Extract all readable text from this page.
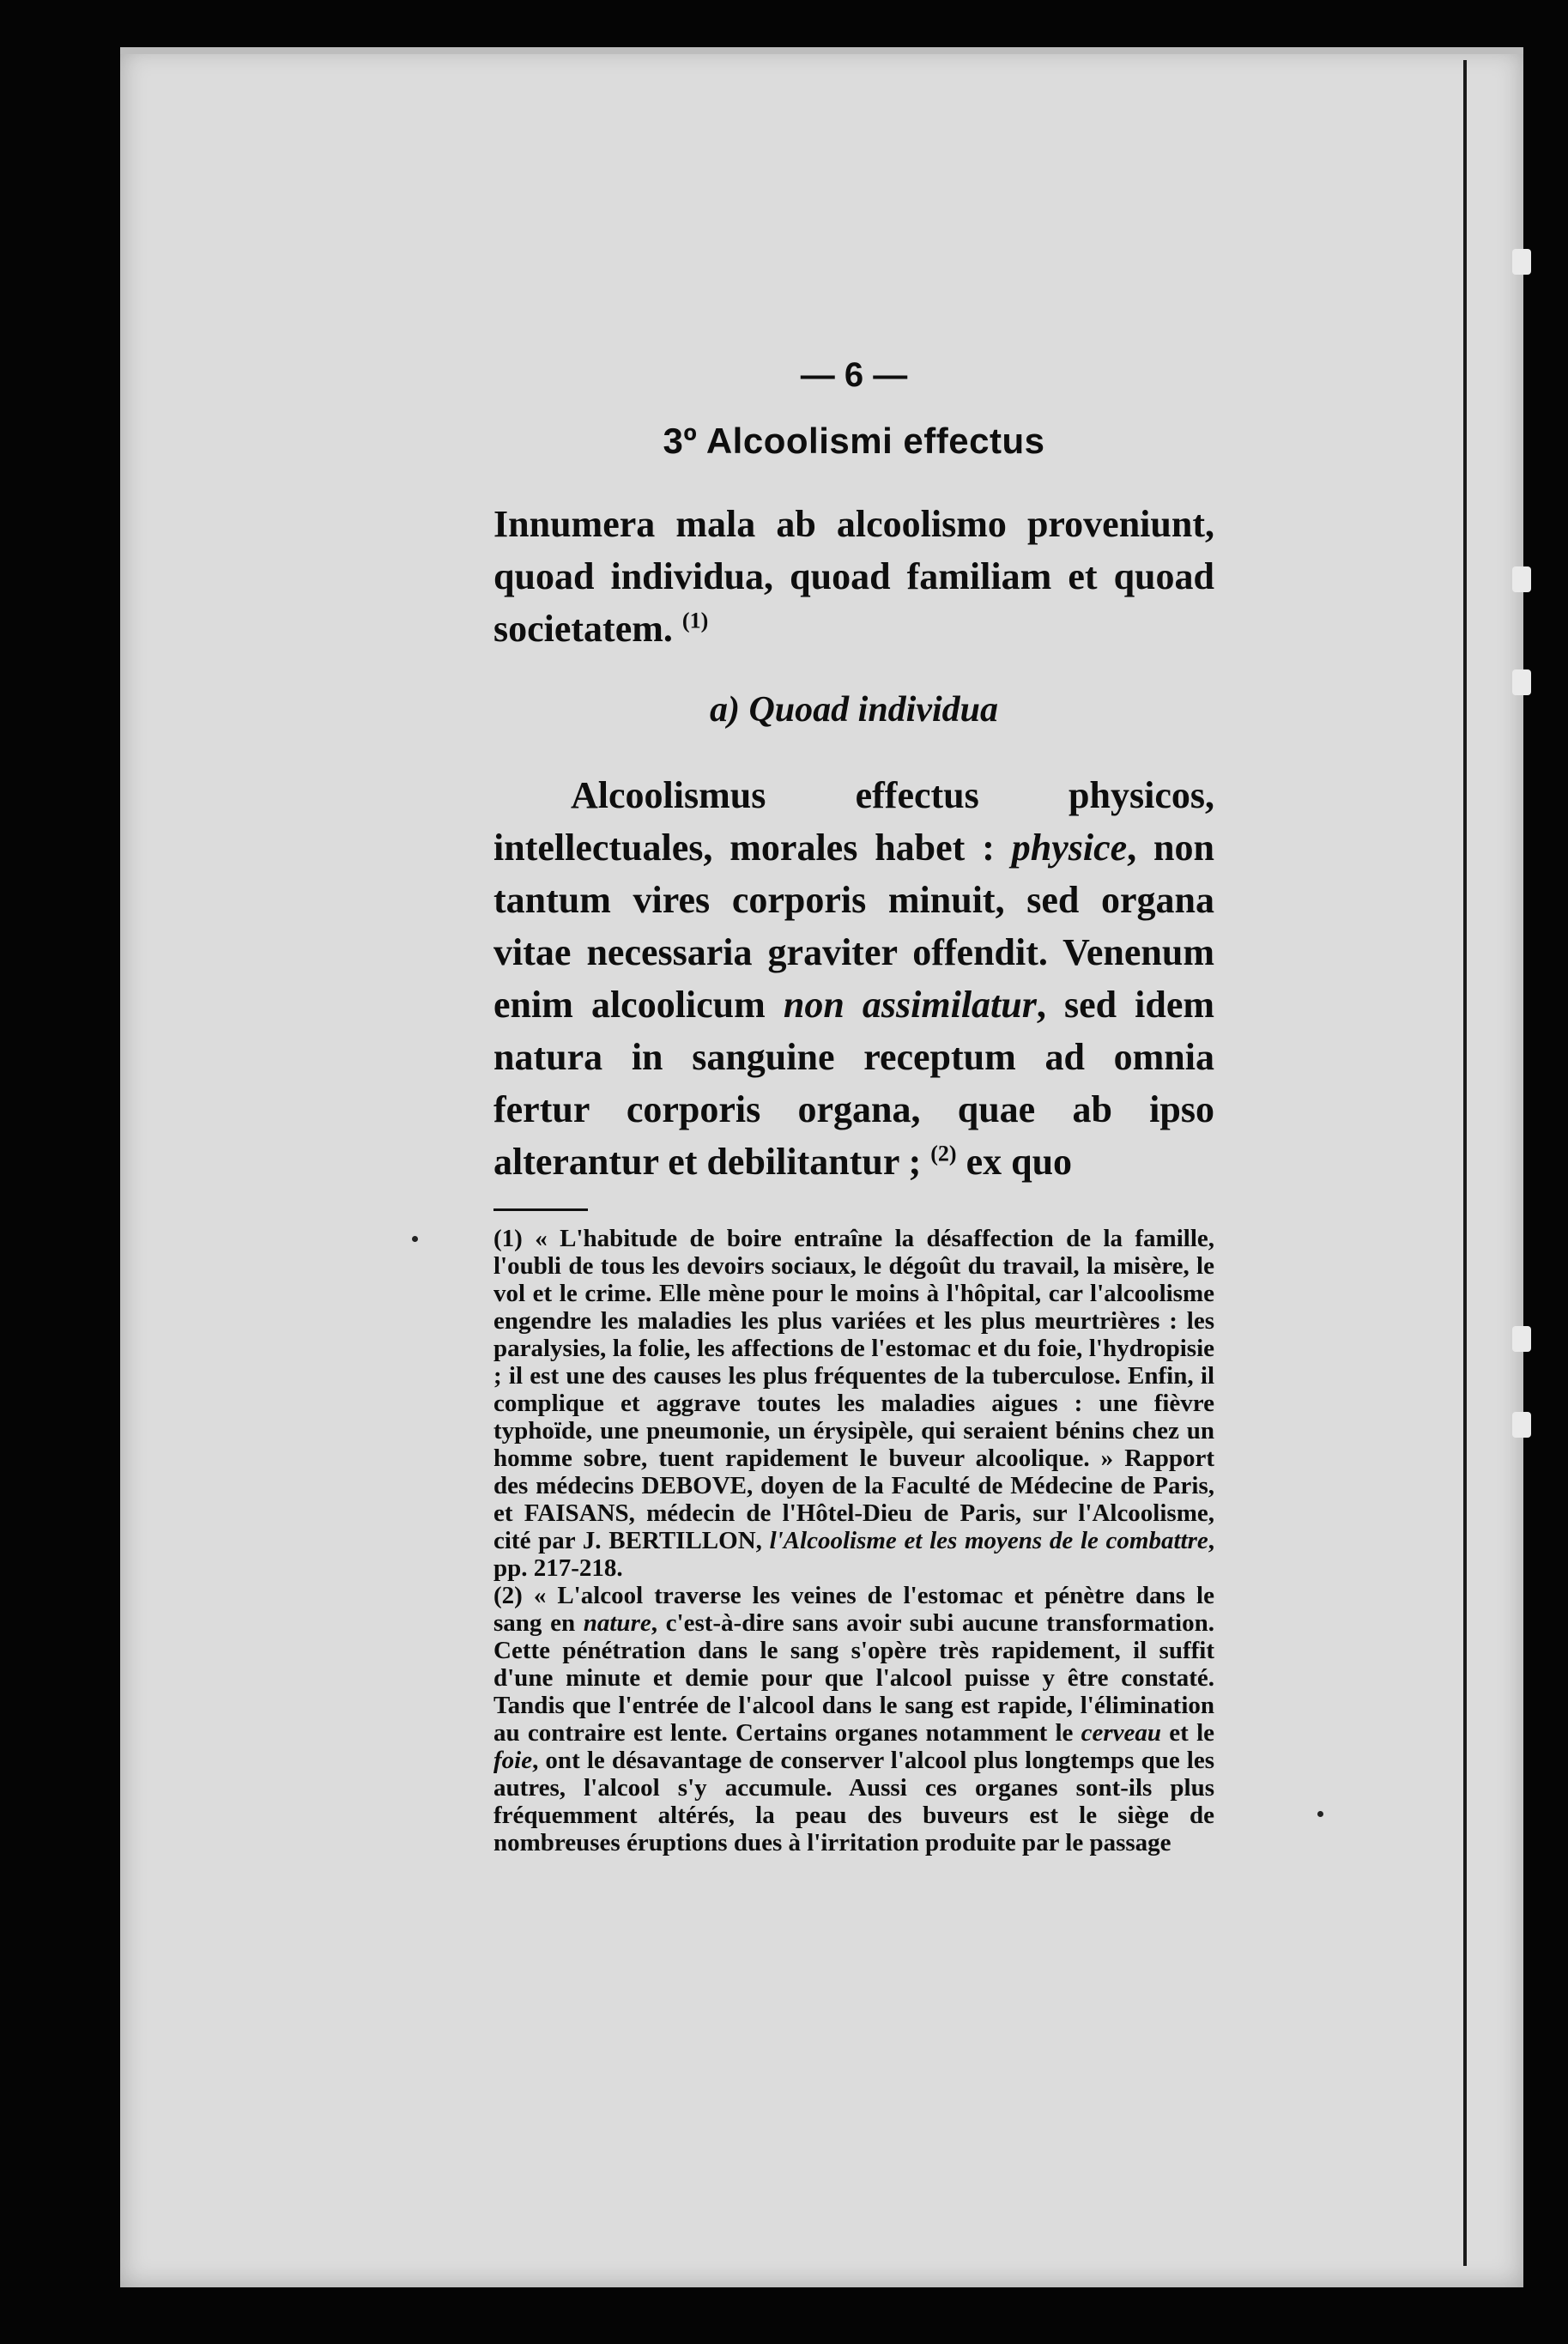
— 6 —
3º Alcoolismi effectus

Innumera mala ab alcoolismo proveniunt, quoad individua, quoad familiam et quoad societatem. $^{(1)}$

a) Quoad individua

Alcoolismus effectus physicos, intellectuales, morales habet : physice, non tantum vires corporis minuit, sed organa vitae necessaria graviter offendit. Venenum enim alcoolicum non assimilatur, sed idem natura in sanguine receptum ad omnia fertur corporis organa, quae ab ipso alterantur et debilitantur ; $^{(2)}$ ex quo

(1) « L'habitude de boire entraîne la désaffection de la famille, l'oubli de tous les devoirs sociaux, le dégoût du travail, la misère, le vol et le crime. Elle mène pour le moins à l'hôpital, car l'alcoolisme engendre les maladies les plus variées et les plus meurtrières : les paralysies, la folie, les affections de l'estomac et du foie, l'hydropisie ; il est une des causes les plus fréquentes de la tuberculose. Enfin, il complique et aggrave toutes les maladies aigues : une fièvre typhoïde, une pneumonie, un érysipèle, qui seraient bénins chez un homme sobre, tuent rapidement le buveur alcoolique. » Rapport des médecins DEBOVE, doyen de la Faculté de Médecine de Paris, et FAISANS, médecin de l'Hôtel-Dieu de Paris, sur l'Alcoolisme, cité par J. BERTILLON, l'Alcoolisme et les moyens de le combattre, pp. 217-218.

(2) « L'alcool traverse les veines de l'estomac et pénètre dans le sang en nature, c'est-à-dire sans avoir subi aucune transformation. Cette pénétration dans le sang s'opère très rapidement, il suffit d'une minute et demie pour que l'alcool puisse y être constaté. Tandis que l'entrée de l'alcool dans le sang est rapide, l'élimination au contraire est lente. Certains organes notamment le cerveau et le foie, ont le désavantage de conserver l'alcool plus longtemps que les autres, l'alcool s'y accumule. Aussi ces organes sont-ils plus fréquemment altérés, la peau des buveurs est le siège de nombreuses éruptions dues à l'irritation produite par le passage
